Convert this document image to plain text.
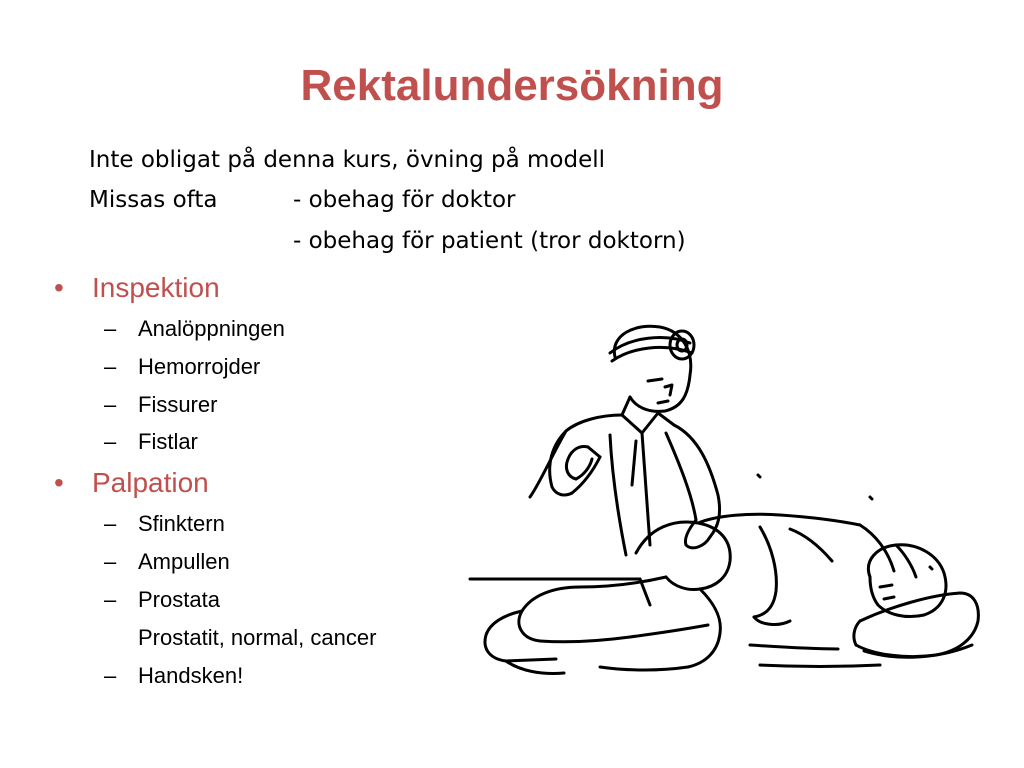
Rektalundersökning
Inte obligat på denna kurs, övning på modell
Missas ofta	- obehag för doktor
- obehag för patient (tror doktorn)
• Inspektion
– Analöppningen
– Hemorrojder
– Fissurer
– Fistlar
• Palpation
– Sfinktern
– Ampullen
– Prostata
Prostatit, normal, cancer
– Handsken!
